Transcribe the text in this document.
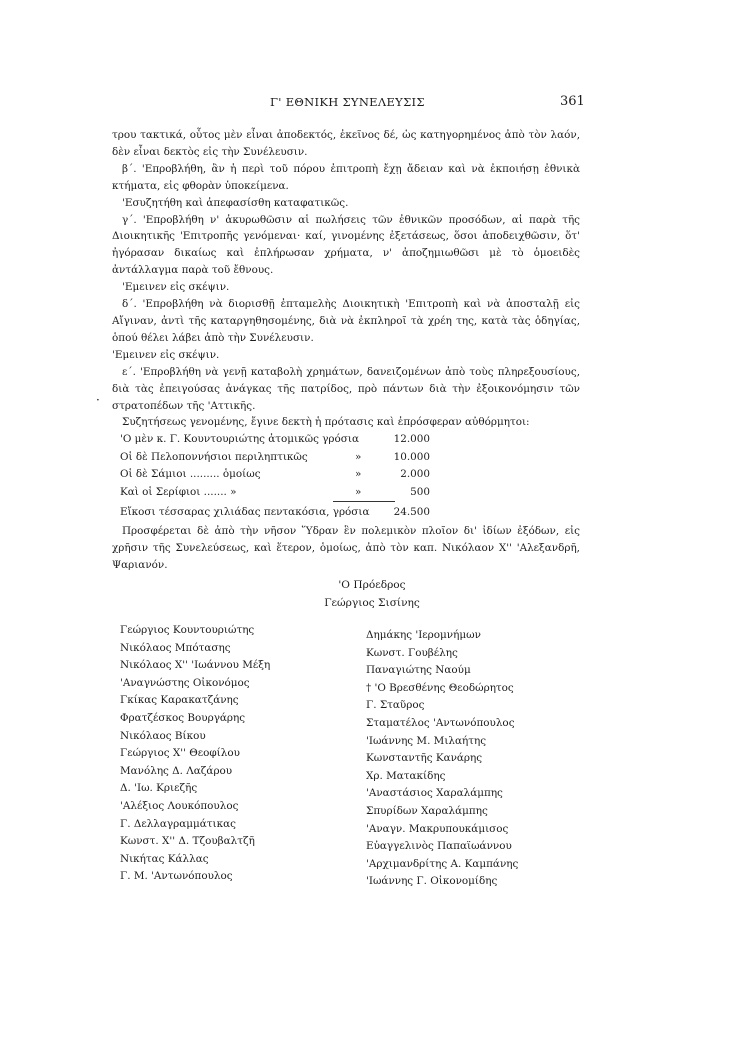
Γ' ΕΘΝΙΚΗ ΣΥΝΕΛΕΥΣΙΣ	361

τρου τακτικά, οὗτος μὲν εἶναι ἀποδεκτός, ἐκεῖνος δέ, ὡς κατηγορημένος ἀπὸ τὸν λαόν, δὲν εἶναι δεκτὸς εἰς τὴν Συνέλευσιν.

β΄. 'Επροβλήθη, ἂν ἡ περὶ τοῦ πόρου ἐπιτροπὴ ἔχῃ ἄδειαν καὶ νὰ ἐκποιήσῃ ἐθνικὰ κτήματα, εἰς φθορὰν ὑποκείμενα.

'Εσυζητήθη καὶ ἀπεφασίσθη καταφατικῶς.

γ΄. 'Επροβλήθη ν' ἀκυρωθῶσιν αἱ πωλήσεις τῶν ἐθνικῶν προσόδων, αἱ παρὰ τῆς Διοικητικῆς 'Επιτροπῆς γενόμεναι· καί, γινομένης ἐξετάσεως, ὅσοι ἀποδειχθῶσιν, ὅτ' ἠγόρασαν δικαίως καὶ ἐπλήρωσαν χρήματα, ν' ἀποζημιωθῶσι μὲ τὸ ὁμοειδὲς ἀντάλλαγμα παρὰ τοῦ ἔθνους.

'Εμεινεν εἰς σκέψιν.

δ΄. 'Επροβλήθη νὰ διορισθῇ ἐπταμελὴς Διοικητικὴ 'Επιτροπὴ καὶ νὰ ἀποσταλῇ εἰς Αἴγιναν, ἀντὶ τῆς καταργηθησομένης, διὰ νὰ ἐκπληροῖ τὰ χρέη της, κατὰ τὰς ὁδηγίας, ὁπού θέλει λάβει ἀπὸ τὴν Συνέλευσιν.

'Εμεινεν εἰς σκέψιν.

ε΄. 'Επροβλήθη νὰ γενῇ καταβολὴ χρημάτων, δανειζομένων ἀπὸ τοὺς πληρεξουσίους, διὰ τὰς ἐπειγούσας ἀνάγκας τῆς πατρίδος, πρὸ πάντων διὰ τὴν ἐξοικονόμησιν τῶν στρατοπέδων τῆς 'Αττικῆς.

Συζητήσεως γενομένης, ἔγινε δεκτὴ ἡ πρότασις καὶ ἐπρόσφεραν αὐθόρμητοι:

·
'Ο μὲν κ. Γ. Κουντουριώτης ἀτομικῶς γρόσια	12.000
Οἱ δὲ Πελοποννήσιοι περιληπτικῶς	»	10.000
Οἱ δὲ Σάμιοι ......... ὁμοίως	»	2.000
Καὶ οἱ Σερίφιοι ....... »	»	500
Εἴκοσι τέσσαρας χιλιάδας πεντακόσια, γρόσια 24.500

Προσφέρεται δὲ ἀπὸ τὴν νῆσον Ὕδραν ἓν πολεμικὸν πλοῖον δι' ἰδίων ἐξόδων, εἰς χρῆσιν τῆς Συνελεύσεως, καὶ ἕτερον, ὁμοίως, ἀπὸ τὸν καπ. Νικόλαον Χ'' 'Αλεξανδρῆ, Ψαριανόν.

'Ο Πρόεδρος
Γεώργιος Σισίνης
Γεώργιος Κουντουριώτης
Νικόλαος Μπότασης
Νικόλαος Χ'' 'Ιωάννου Μέξη
'Αναγνώστης Οἰκονόμος
Γκίκας Καρακατζάνης
Φρατζέσκος Βουργάρης
Νικόλαος Βίκου
Γεώργιος Χ'' Θεοφίλου
Μανόλης Δ. Λαζάρου
Δ. 'Ιω. Κριεζῆς
'Αλέξιος Λουκόπουλος
Γ. Δελλαγραμμάτικας
Κωνστ. Χ'' Δ. Τζουβαλτζῆ
Νικήτας Κάλλας
Γ. Μ. 'Αντωνόπουλος
Δημάκης 'Ιερομνήμων
Κωνστ. Γουβέλης
Παναγιώτης Ναούμ
† 'Ο Βρεσθένης Θεοδώρητος
Γ. Σταῦρος
Σταματέλος 'Αντωνόπουλος
'Ιωάννης Μ. Μιλαήτης
Κωνσταντῆς Κανάρης
Χρ. Ματακίδης
'Αναστάσιος Χαραλάμπης
Σπυρίδων Χαραλάμπης
'Αναγν. Μακρυπουκάμισος
Εὐαγγελινὸς Παπαϊωάννου
'Αρχιμανδρίτης Α. Καμπάνης
'Ιωάννης Γ. Οἰκονομίδης
